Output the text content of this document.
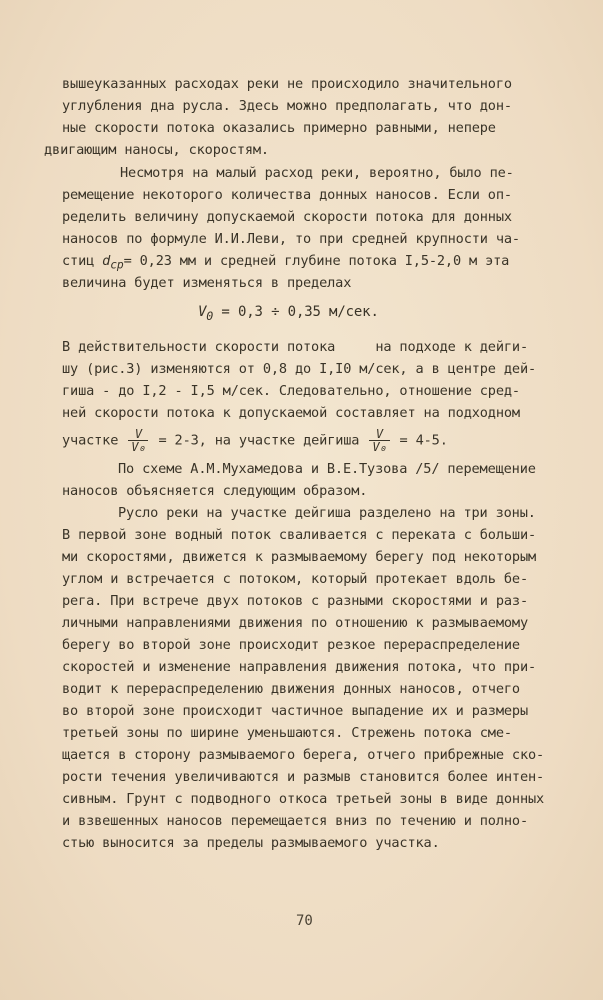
вышеуказанных расходах реки не происходило значительного
углубления дна русла. Здесь можно предполагать, что дон-
ные скорости потока оказались примерно равными, непере
двигающим наносы, скоростям.
Несмотря на малый расход реки, вероятно, было пе-
ремещение некоторого количества донных наносов. Если оп-
ределить величину допускаемой скорости потока для донных
наносов по формуле И.И.Леви, то при средней крупности ча-
стиц $d_{ср}= 0,23$ мм и средней глубине потока I,5-2,0 м эта
величина будет изменяться в пределах
$V_0 = 0,3 \div 0,35$ м/сек.
В действительности скорости потока     на подходе к дейги-
шу (рис.3) изменяются от 0,8 до I,I0 м/сек, а в центре дей-
гиша - до I,2 - I,5 м/сек. Следовательно, отношение сред-
ней скорости потока к допускаемой составляет на подходном
участке $\frac{V}{\text{V₀}} = 2-3$, на участке дейгиша $\frac{V}{\text{V₀}} = 4-5$.
По схеме А.М.Мухамедова и В.Е.Тузова /5/ перемещение
наносов объясняется следующим образом.
Русло реки на участке дейгиша разделено на три зоны.
В первой зоне водный поток сваливается с переката с больши-
ми скоростями, движется к размываемому берегу под некоторым
углом и встречается с потоком, который протекает вдоль бе-
рега. При встрече двух потоков с разными скоростями и раз-
личными направлениями движения по отношению к размываемому
берегу во второй зоне происходит резкое перераспределение
скоростей и изменение направления движения потока, что при-
водит к перераспределению движения донных наносов, отчего
во второй зоне происходит частичное выпадение их и размеры
третьей зоны по ширине уменьшаются. Стрежень потока сме-
щается в сторону размываемого берега, отчего прибрежные ско-
рости течения увеличиваются и размыв становится более интен-
сивным. Грунт с подводного откоса третьей зоны в виде донных
и взвешенных наносов перемещается вниз по течению и полно-
стью выносится за пределы размываемого участка.
70
